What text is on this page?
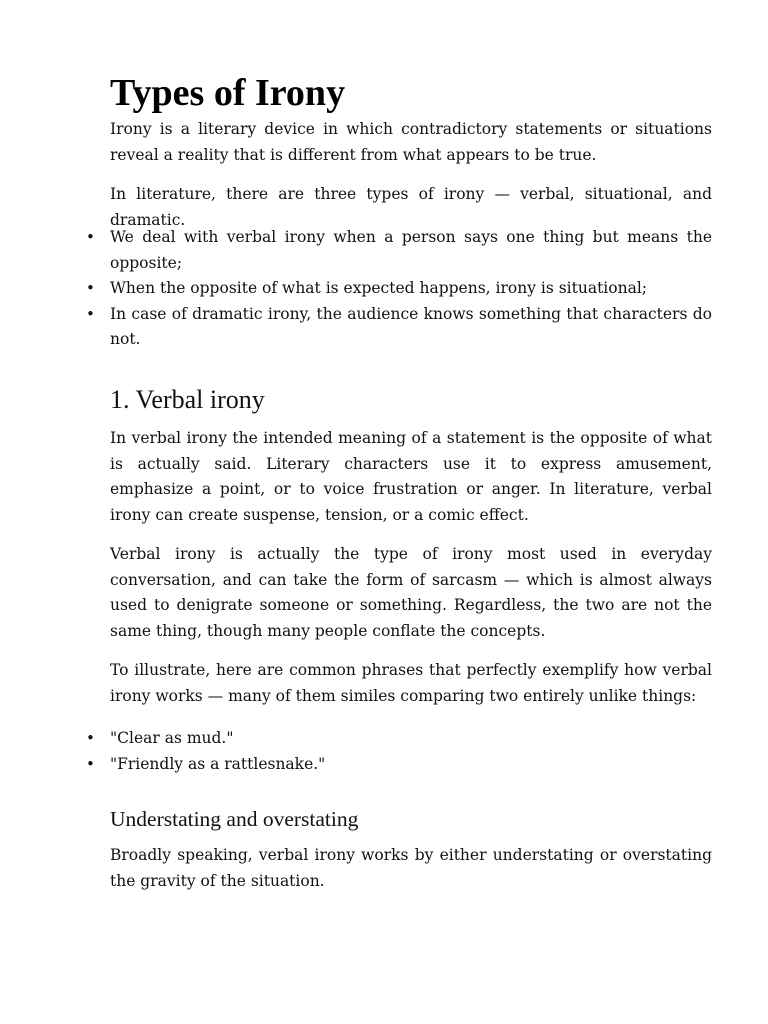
Types of Irony

Irony is a literary device in which contradictory statements or situations reveal a reality that is different from what appears to be true.

In literature, there are three types of irony — verbal, situational, and dramatic.

• We deal with verbal irony when a person says one thing but means the opposite;
• When the opposite of what is expected happens, irony is situational;
• In case of dramatic irony, the audience knows something that characters do not.
1. Verbal irony

In verbal irony the intended meaning of a statement is the opposite of what is actually said. Literary characters use it to express amusement, emphasize a point, or to voice frustration or anger. In literature, verbal irony can create suspense, tension, or a comic effect.

Verbal irony is actually the type of irony most used in everyday conversation, and can take the form of sarcasm — which is almost always used to denigrate someone or something. Regardless, the two are not the same thing, though many people conflate the concepts.

To illustrate, here are common phrases that perfectly exemplify how verbal irony works — many of them similes comparing two entirely unlike things:

• "Clear as mud."
• "Friendly as a rattlesnake."
Understating and overstating

Broadly speaking, verbal irony works by either understating or overstating the gravity of the situation.
